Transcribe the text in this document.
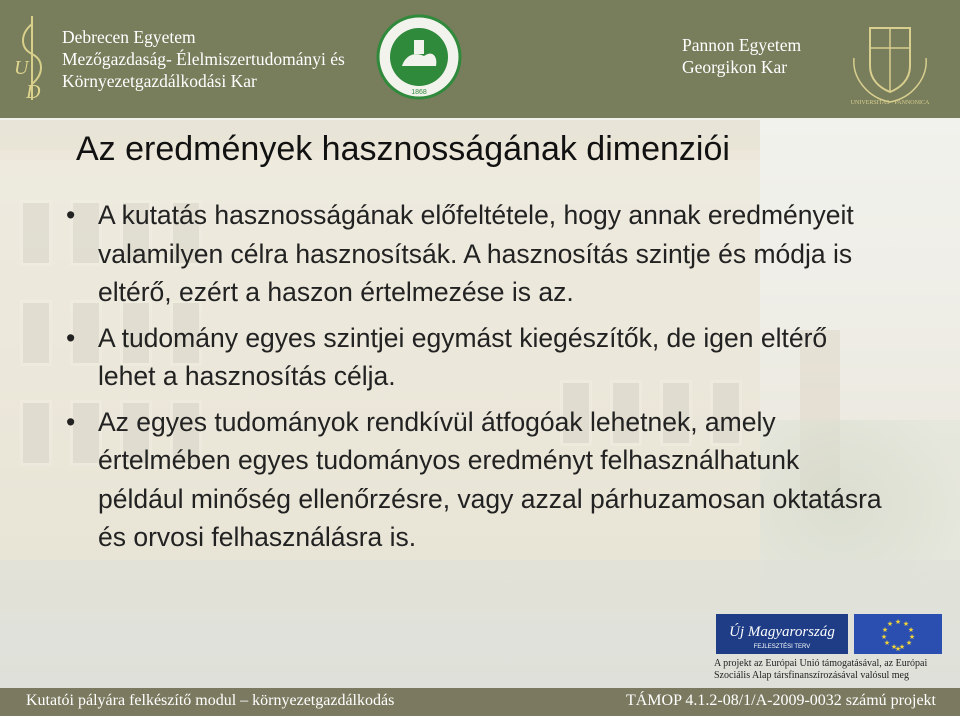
U
D
Debrecen Egyetem
Mezőgazdaság- Élelmiszertudományi és
Környezetgazdálkodási Kar
1868
Pannon Egyetem
Georgikon Kar
UNIVERSITAS · PANNONICA
Az eredmények hasznosságának dimenziói
• A kutatás hasznosságának előfeltétele, hogy annak eredményeit valamilyen célra hasznosítsák. A hasznosítás szintje és módja is eltérő, ezért a haszon értelmezése is az.
• A tudomány egyes szintjei egymást kiegészítők, de igen eltérő lehet a hasznosítás célja.
• Az egyes tudományok rendkívül átfogóak lehetnek, amely értelmében egyes tudományos eredményt felhasználhatunk például minőség ellenőrzésre, vagy azzal párhuzamosan oktatásra és orvosi felhasználásra is.
Új Magyarország
FEJLESZTÉSI TERV
★ ★
★
★
★
★
★
★
★
★
★
★
A projekt az Európai Unió támogatásával, az Európai Szociális Alap társfinanszírozásával valósul meg
Kutatói pályára felkészítő modul – környezetgazdálkodás	TÁMOP 4.1.2-08/1/A-2009-0032 számú projekt
